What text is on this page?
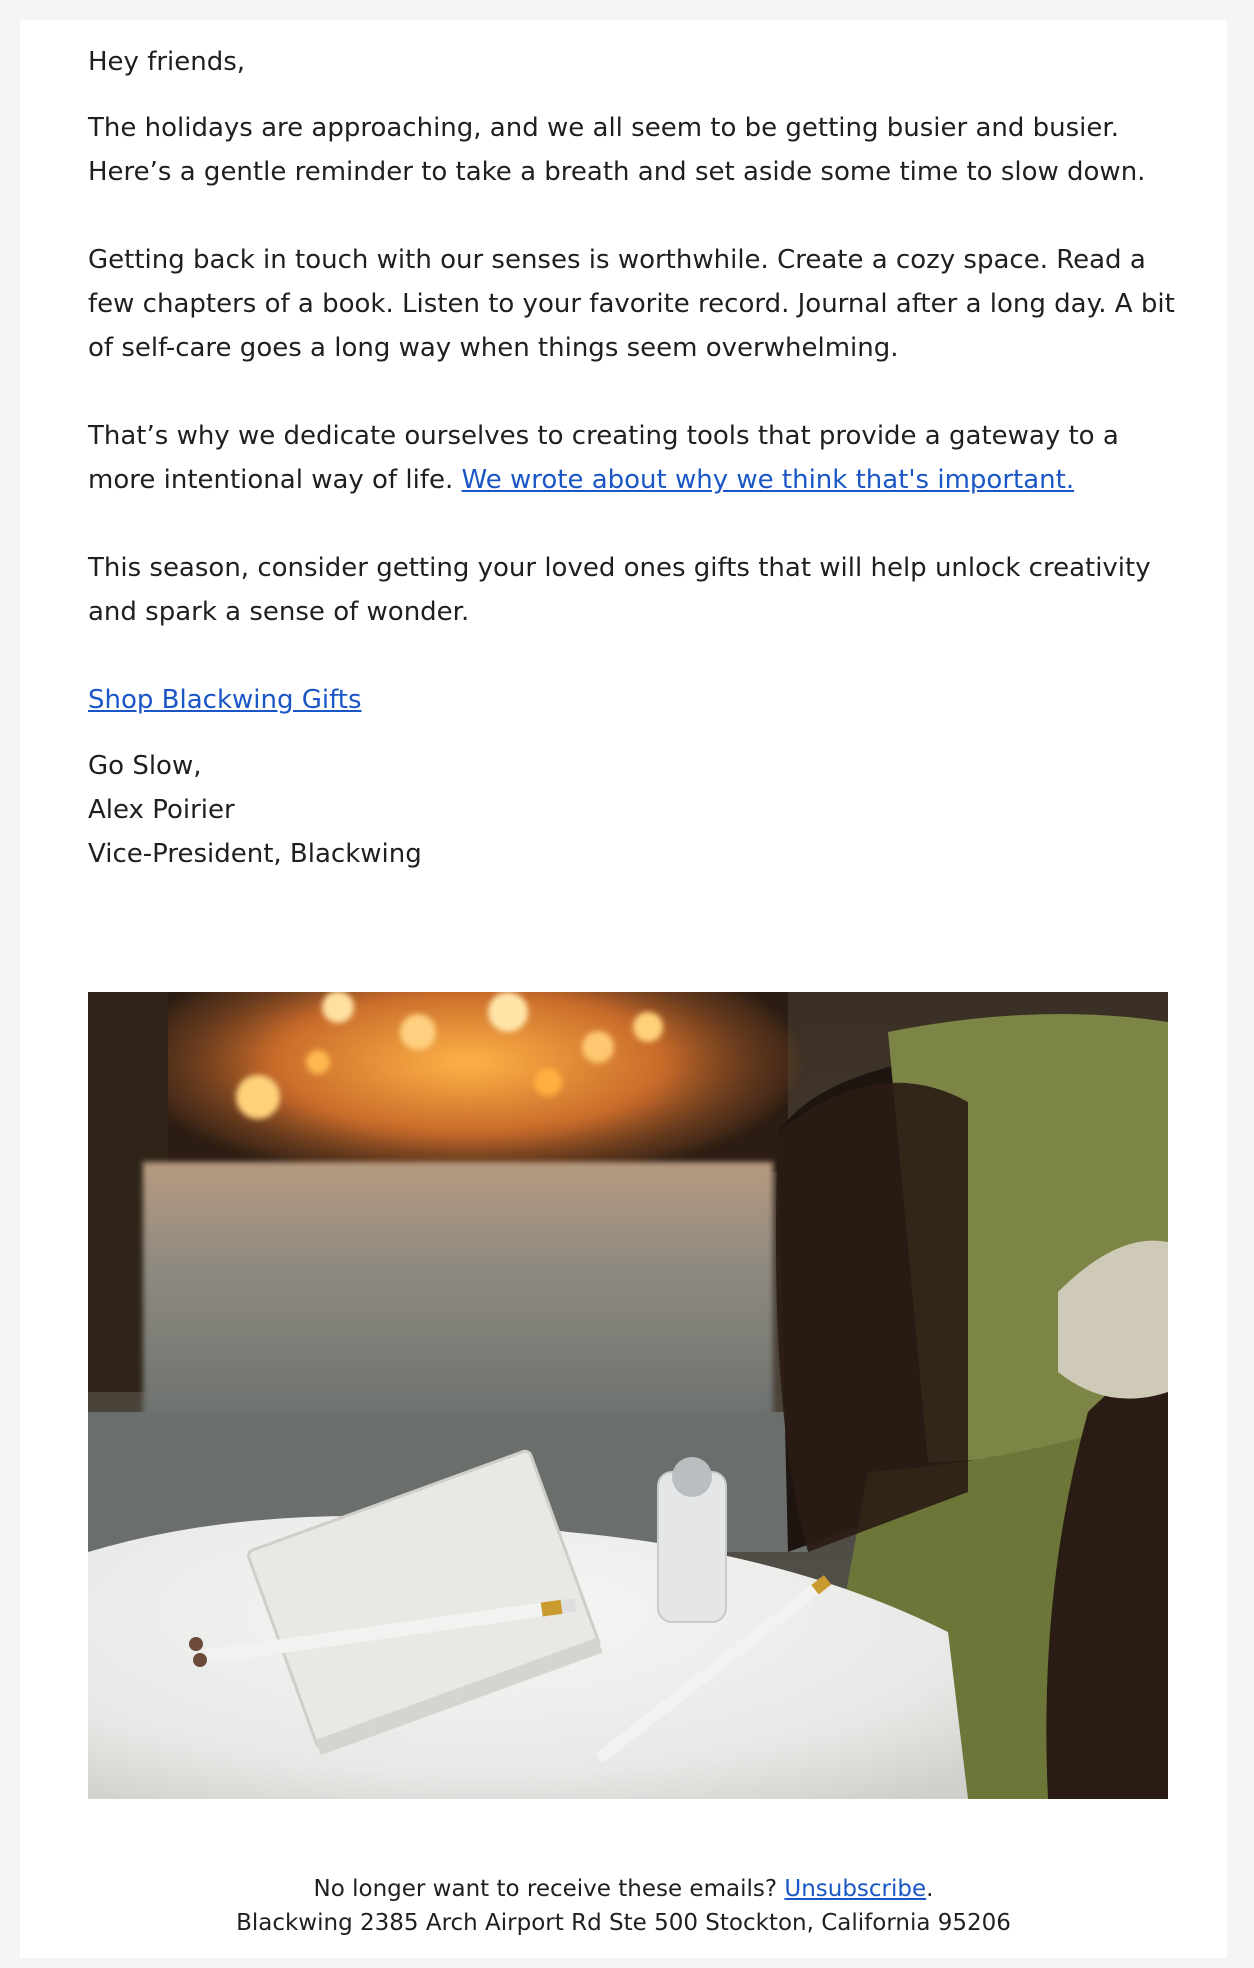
Hey friends,

The holidays are approaching, and we all seem to be getting busier and busier. Here’s a gentle reminder to take a breath and set aside some time to slow down.

Getting back in touch with our senses is worthwhile. Create a cozy space. Read a few chapters of a book. Listen to your favorite record. Journal after a long day. A bit of self-care goes a long way when things seem overwhelming.

That’s why we dedicate ourselves to creating tools that provide a gateway to a more intentional way of life. We wrote about why we think that's important.

This season, consider getting your loved ones gifts that will help unlock creativity and spark a sense of wonder.

Shop Blackwing Gifts

Go Slow,

Alex Poirier

Vice-President, Blackwing

No longer want to receive these emails? Unsubscribe.

Blackwing 2385 Arch Airport Rd Ste 500 Stockton, California 95206
